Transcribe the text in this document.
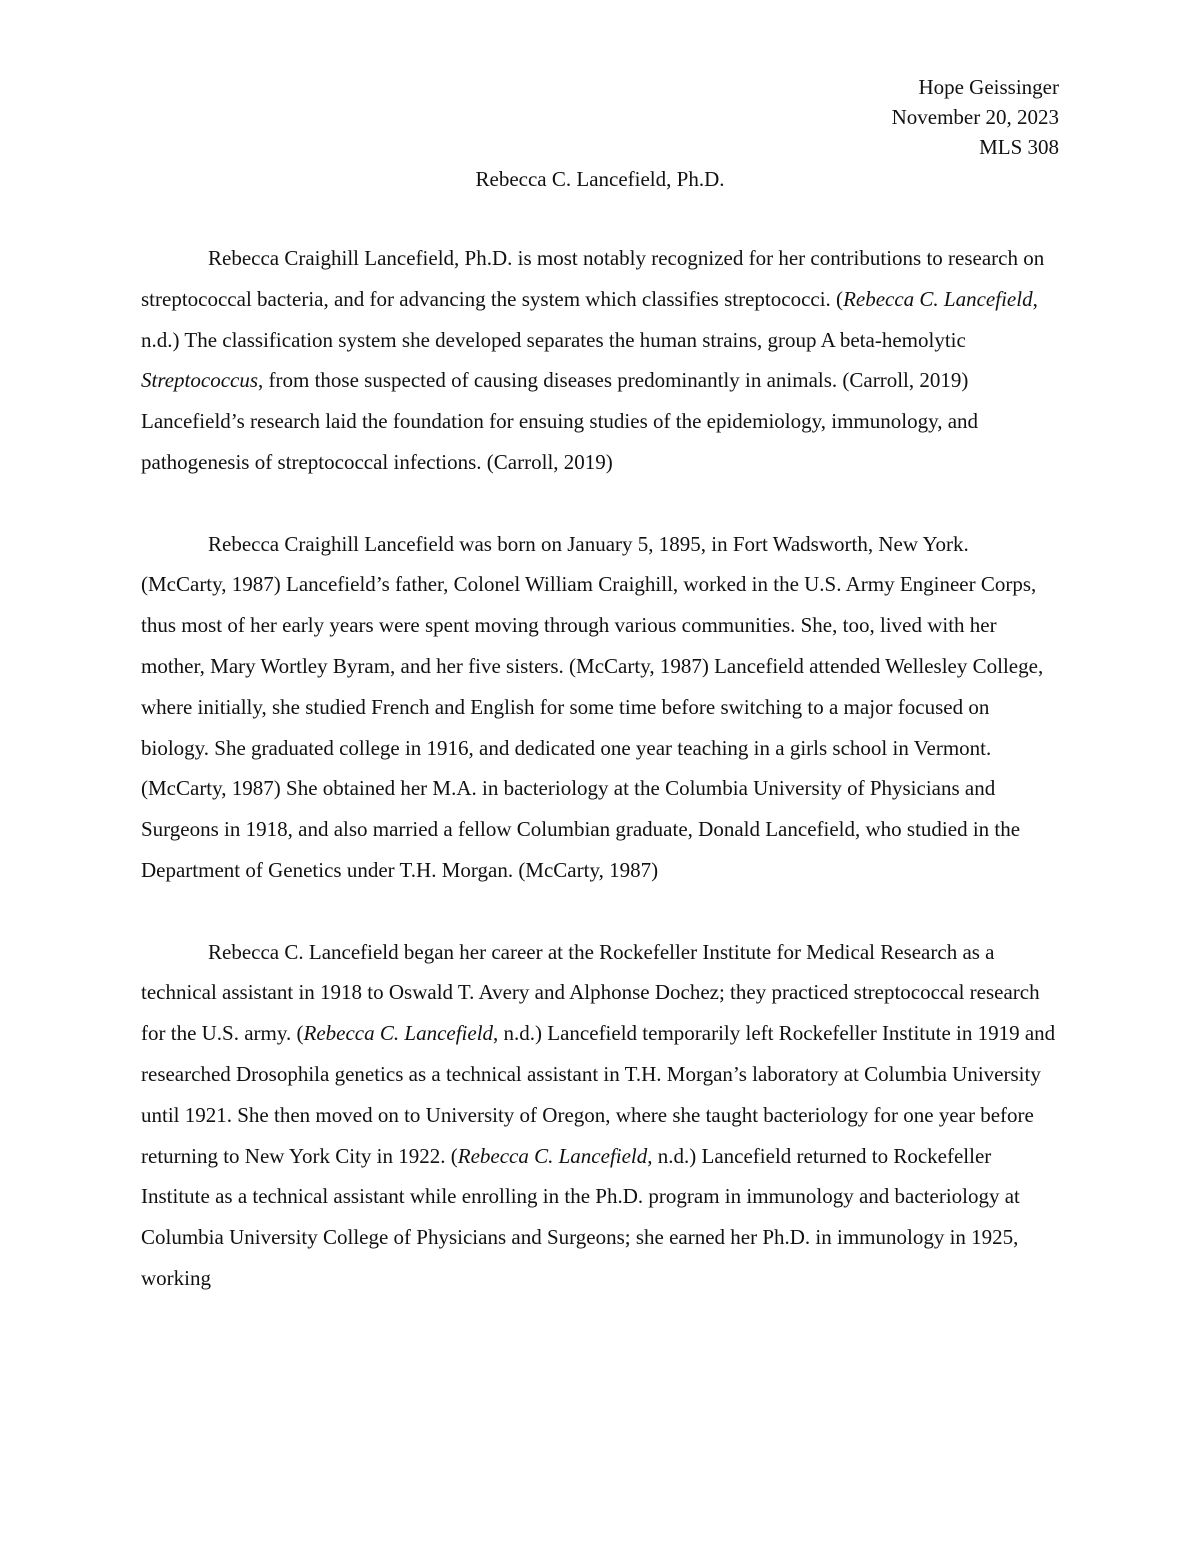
Hope Geissinger
November 20, 2023
MLS 308
Rebecca C. Lancefield, Ph.D.

Rebecca Craighill Lancefield, Ph.D. is most notably recognized for her contributions to research on streptococcal bacteria, and for advancing the system which classifies streptococci. (Rebecca C. Lancefield, n.d.) The classification system she developed separates the human strains, group A beta-hemolytic Streptococcus, from those suspected of causing diseases predominantly in animals. (Carroll, 2019) Lancefield’s research laid the foundation for ensuing studies of the epidemiology, immunology, and pathogenesis of streptococcal infections. (Carroll, 2019)

Rebecca Craighill Lancefield was born on January 5, 1895, in Fort Wadsworth, New York. (McCarty, 1987) Lancefield’s father, Colonel William Craighill, worked in the U.S. Army Engineer Corps, thus most of her early years were spent moving through various communities. She, too, lived with her mother, Mary Wortley Byram, and her five sisters. (McCarty, 1987) Lancefield attended Wellesley College, where initially, she studied French and English for some time before switching to a major focused on biology. She graduated college in 1916, and dedicated one year teaching in a girls school in Vermont. (McCarty, 1987) She obtained her M.A. in bacteriology at the Columbia University of Physicians and Surgeons in 1918, and also married a fellow Columbian graduate, Donald Lancefield, who studied in the Department of Genetics under T.H. Morgan. (McCarty, 1987)

Rebecca C. Lancefield began her career at the Rockefeller Institute for Medical Research as a technical assistant in 1918 to Oswald T. Avery and Alphonse Dochez; they practiced streptococcal research for the U.S. army. (Rebecca C. Lancefield, n.d.) Lancefield temporarily left Rockefeller Institute in 1919 and researched Drosophila genetics as a technical assistant in T.H. Morgan’s laboratory at Columbia University until 1921. She then moved on to University of Oregon, where she taught bacteriology for one year before returning to New York City in 1922. (Rebecca C. Lancefield, n.d.) Lancefield returned to Rockefeller Institute as a technical assistant while enrolling in the Ph.D. program in immunology and bacteriology at Columbia University College of Physicians and Surgeons; she earned her Ph.D. in immunology in 1925, working
